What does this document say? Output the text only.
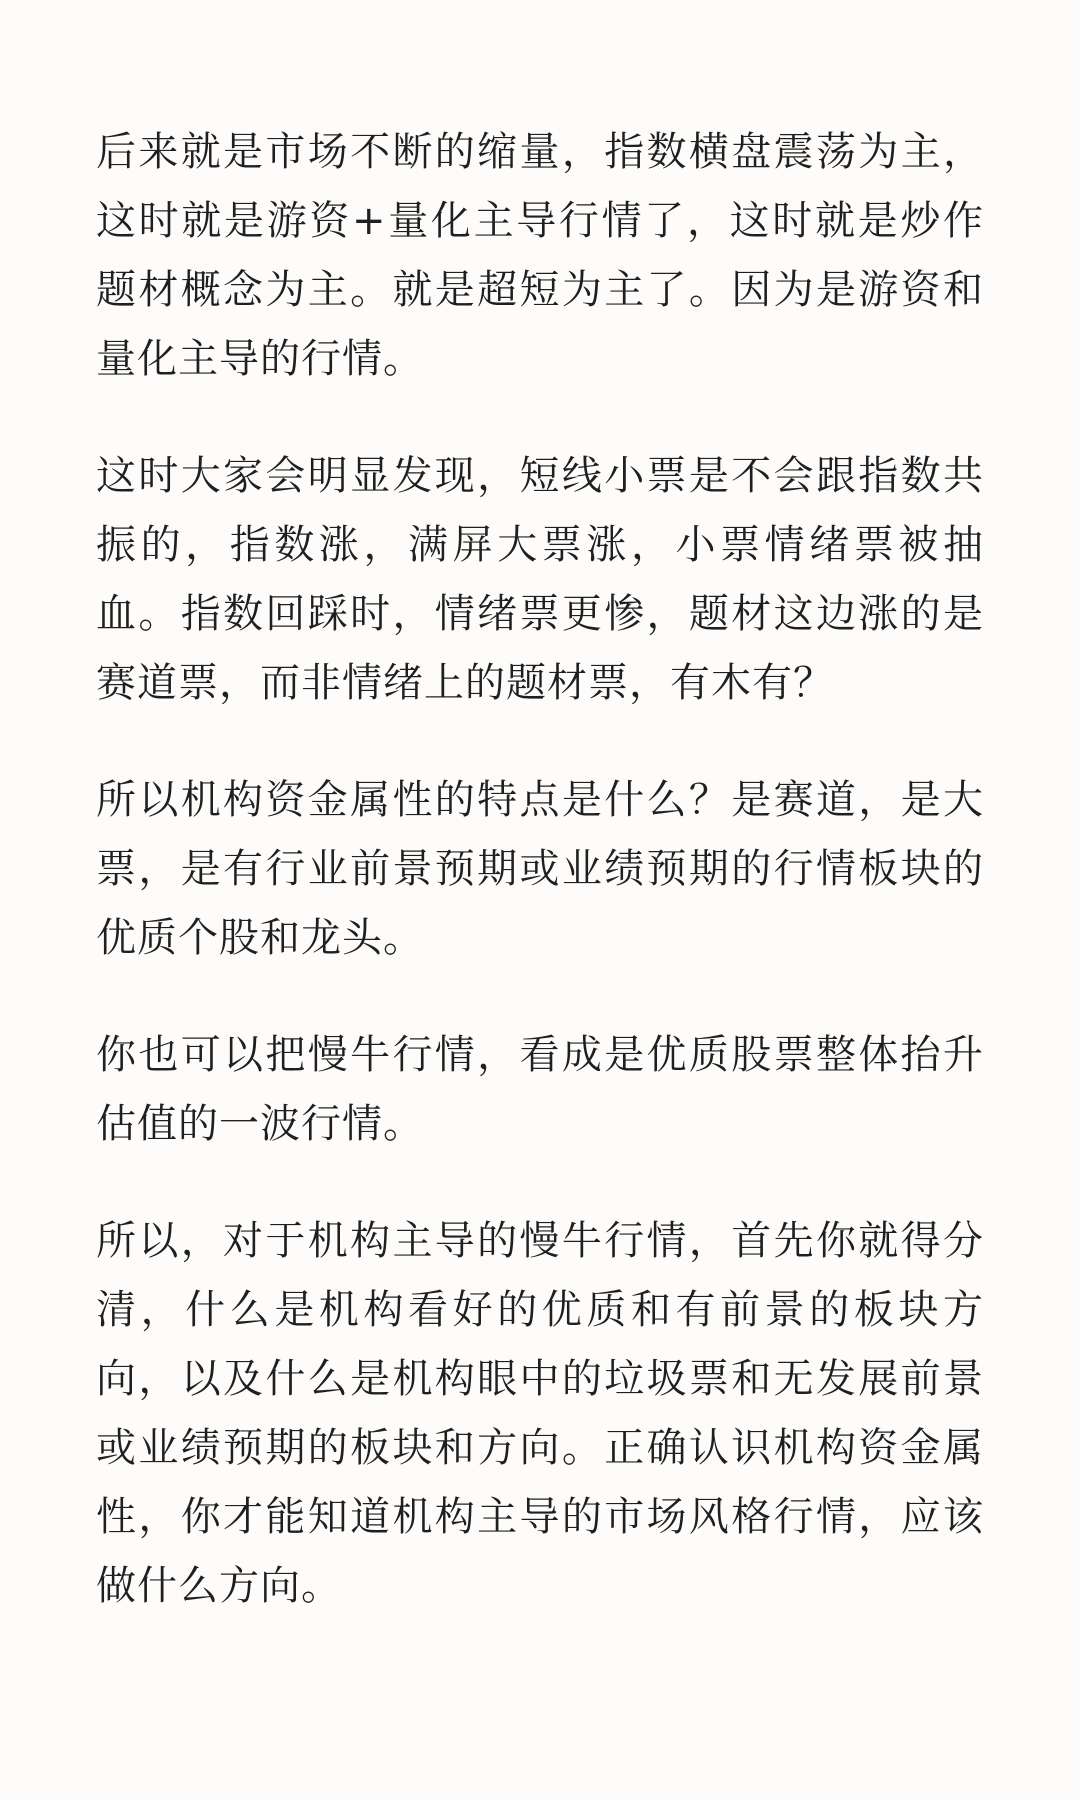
后来就是市场不断的缩量，指数横盘震荡为主，这时就是游资+量化主导行情了，这时就是炒作题材概念为主。就是超短为主了。因为是游资和量化主导的行情。

这时大家会明显发现，短线小票是不会跟指数共振的，指数涨，满屏大票涨，小票情绪票被抽血。指数回踩时，情绪票更惨，题材这边涨的是赛道票，而非情绪上的题材票，有木有？

所以机构资金属性的特点是什么？是赛道，是大票，是有行业前景预期或业绩预期的行情板块的优质个股和龙头。

你也可以把慢牛行情，看成是优质股票整体抬升估值的一波行情。

所以，对于机构主导的慢牛行情，首先你就得分清，什么是机构看好的优质和有前景的板块方向，以及什么是机构眼中的垃圾票和无发展前景或业绩预期的板块和方向。正确认识机构资金属性，你才能知道机构主导的市场风格行情，应该做什么方向。
